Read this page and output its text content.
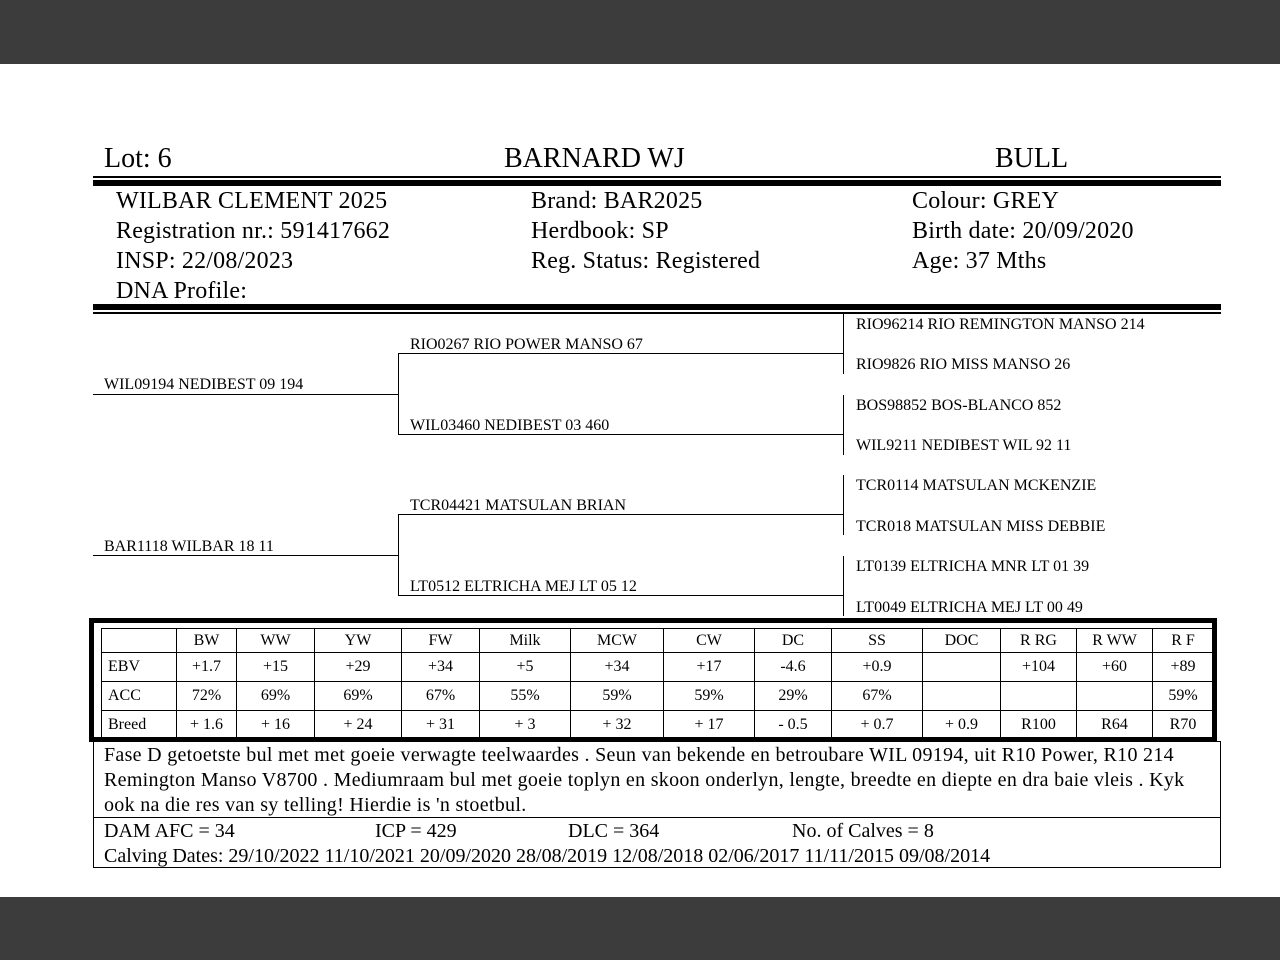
Lot: 6	BARNARD WJ	BULL
WILBAR CLEMENT 2025
Registration nr.: 591417662
INSP: 22/08/2023
DNA Profile:
Brand: BAR2025
Herdbook: SP
Reg. Status: Registered
Colour: GREY
Birth date: 20/09/2020
Age: 37 Mths
WIL09194 NEDIBEST 09 194
BAR1118 WILBAR 18 11
RIO0267 RIO POWER MANSO 67
WIL03460 NEDIBEST 03 460
TCR04421 MATSULAN BRIAN
LT0512 ELTRICHA MEJ LT 05 12
RIO96214 RIO REMINGTON MANSO 214
RIO9826 RIO MISS MANSO 26
BOS98852 BOS-BLANCO 852
WIL9211 NEDIBEST WIL 92 11
TCR0114 MATSULAN MCKENZIE
TCR018 MATSULAN MISS DEBBIE
LT0139 ELTRICHA MNR LT 01 39
LT0049 ELTRICHA MEJ LT 00 49
	BW	WW	YW	FW	Milk	MCW	CW	DC	SS	DOC	R RG	R WW	R F
EBV	+1.7	+15	+29	+34	+5	+34	+17	-4.6	+0.9		+104	+60	+89
ACC	72%	69%	69%	67%	55%	59%	59%	29%	67%				59%
Breed	+ 1.6	+ 16	+ 24	+ 31	+ 3	+ 32	+ 17	- 0.5	+ 0.7	+ 0.9	R100	R64	R70
Fase D getoetste bul met met goeie verwagte teelwaardes . Seun van bekende en betroubare WIL 09194, uit R10 Power, R10 214 Remington Manso V8700 . Mediumraam bul met goeie toplyn en skoon onderlyn, lengte, breedte en diepte en dra baie vleis . Kyk ook na die res van sy telling! Hierdie is 'n stoetbul.
DAM AFC = 34	ICP = 429	DLC = 364	No. of Calves = 8
Calving Dates: 29/10/2022 11/10/2021 20/09/2020 28/08/2019 12/08/2018 02/06/2017 11/11/2015 09/08/2014
